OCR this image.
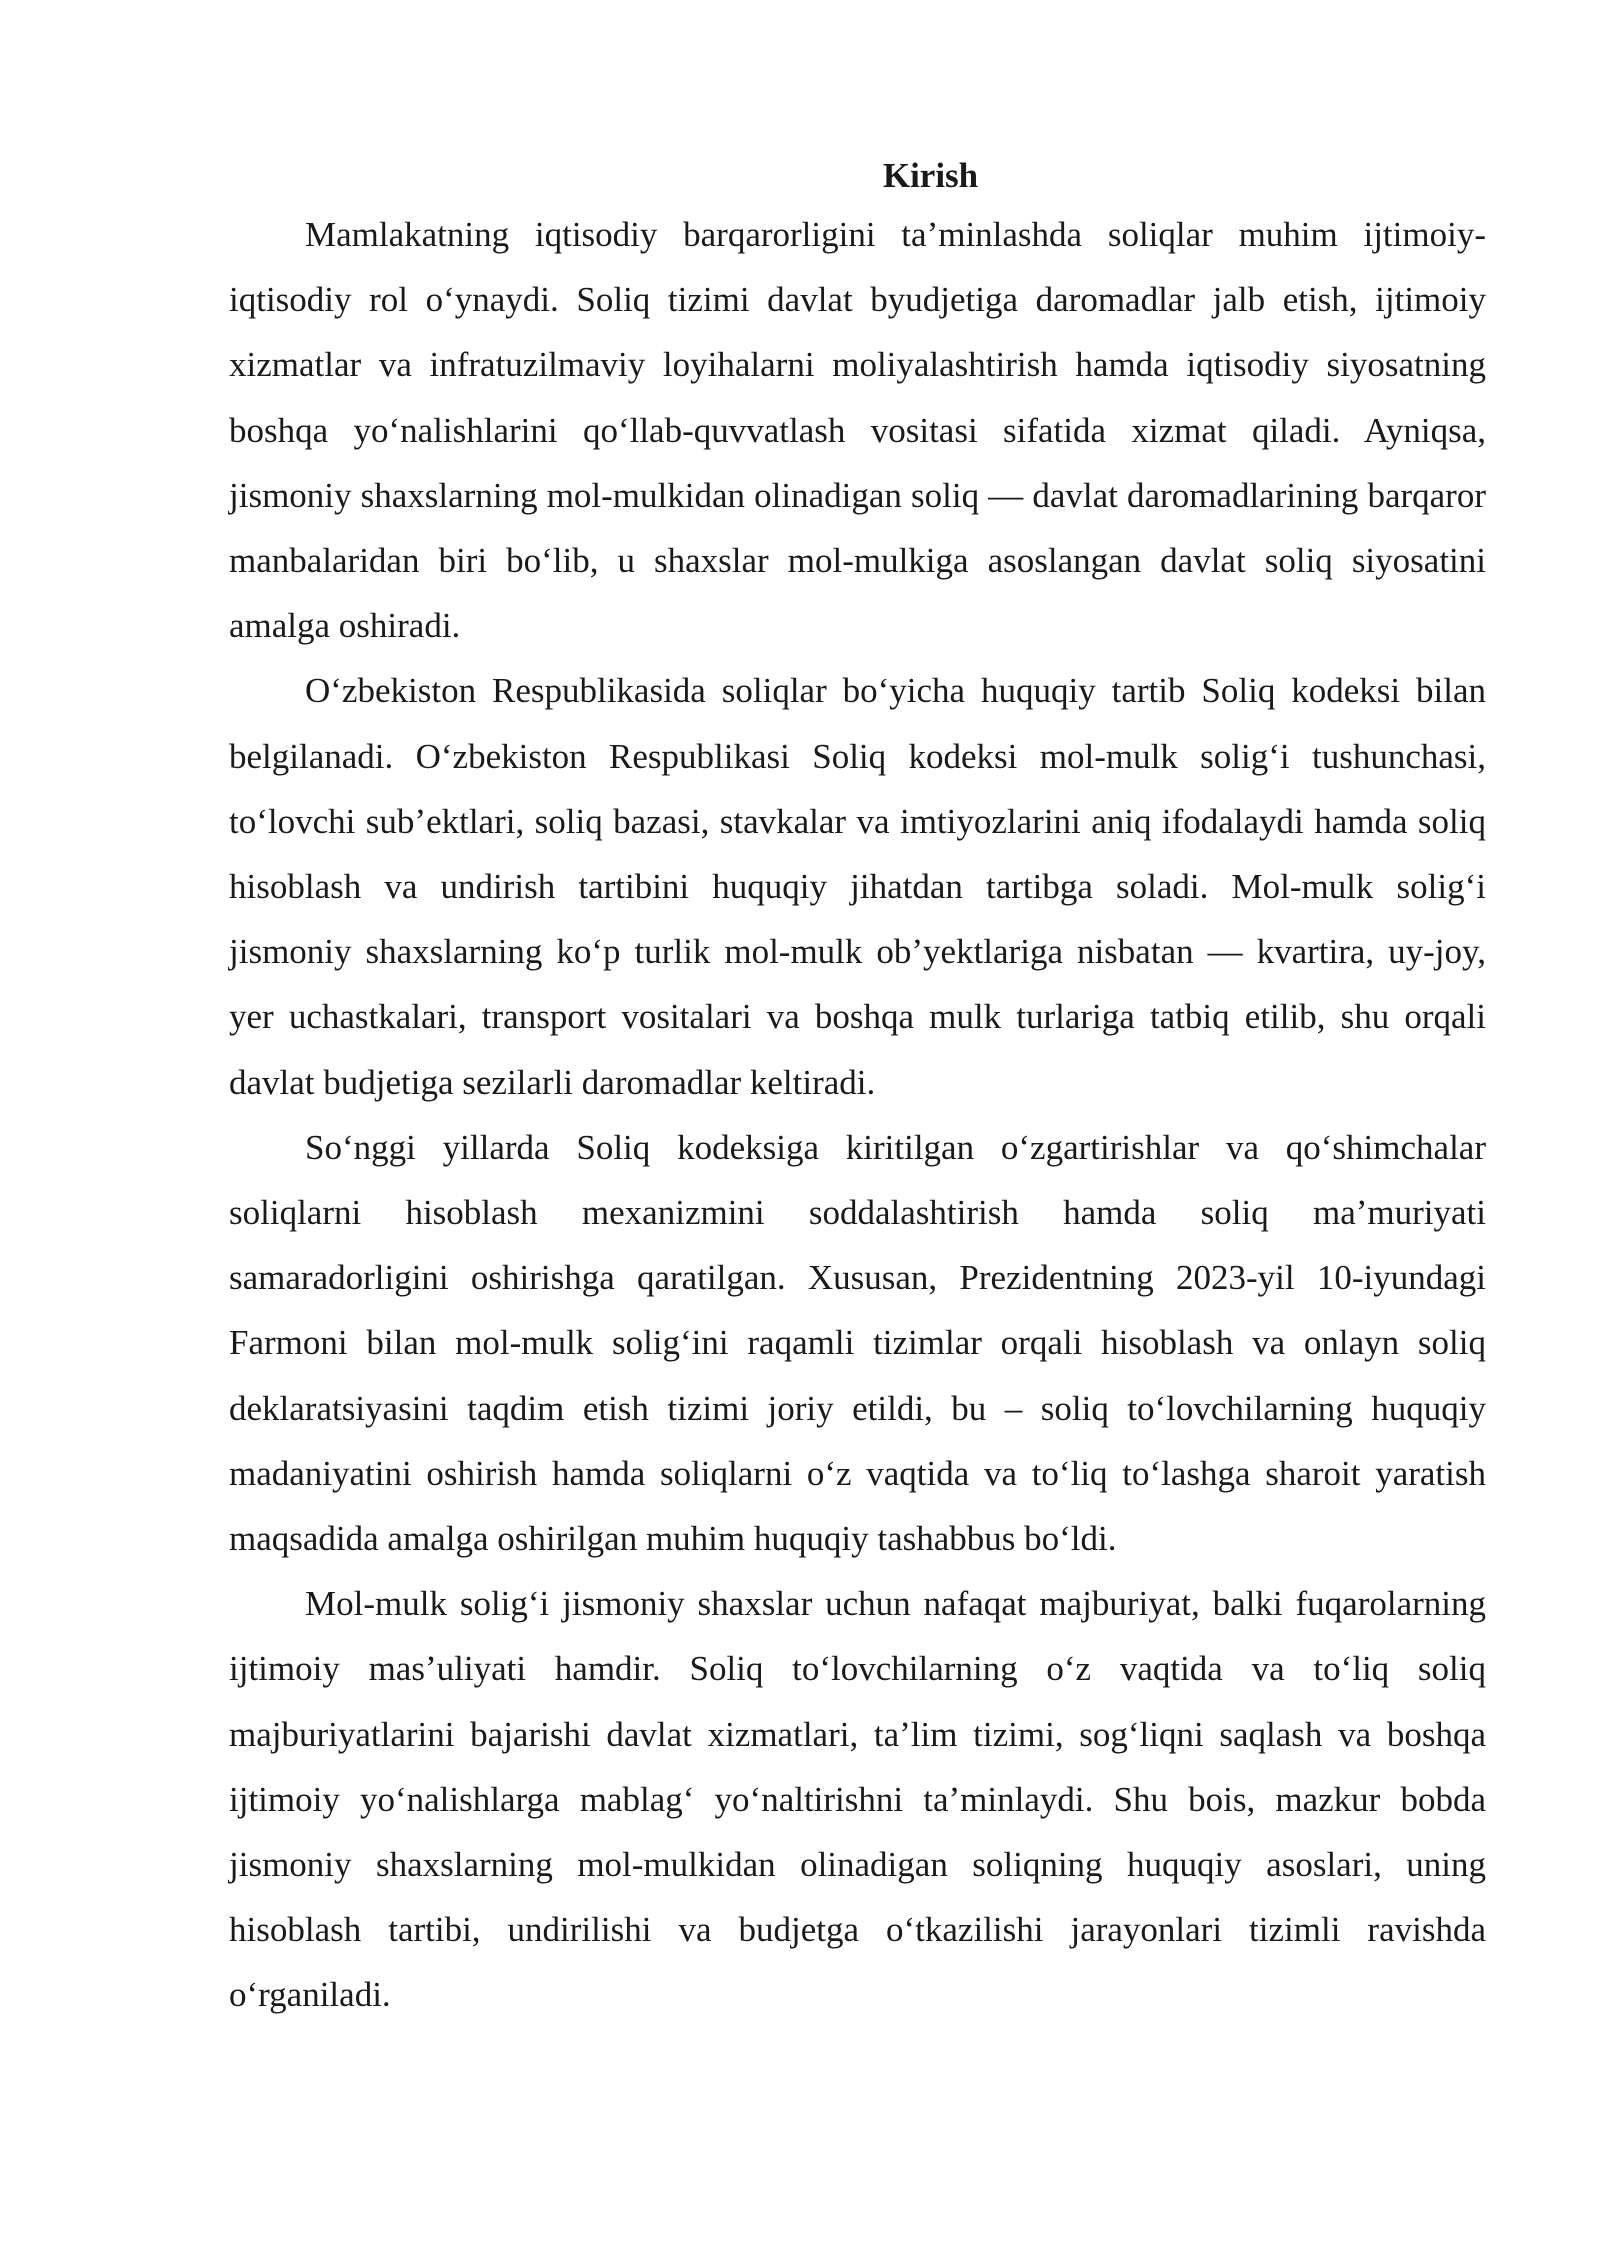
Kirish

Mamlakatning iqtisodiy barqarorligini taʼminlashda soliqlar muhim ijtimoiy-iqtisodiy rol oʻynaydi. Soliq tizimi davlat byudjetiga daromadlar jalb etish, ijtimoiy xizmatlar va infratuzilmaviy loyihalarni moliyalashtirish hamda iqtisodiy siyosatning boshqa yoʻnalishlarini qoʻllab-quvvatlash vositasi sifatida xizmat qiladi. Ayniqsa, jismoniy shaxslarning mol-mulkidan olinadigan soliq — davlat daromadlarining barqaror manbalaridan biri boʻlib, u shaxslar mol-mulkiga asoslangan davlat soliq siyosatini amalga oshiradi.

Oʻzbekiston Respublikasida soliqlar boʻyicha huquqiy tartib Soliq kodeksi bilan belgilanadi. Oʻzbekiston Respublikasi Soliq kodeksi mol-mulk soligʻi tushunchasi, toʻlovchi subʼektlari, soliq bazasi, stavkalar va imtiyozlarini aniq ifodalaydi hamda soliq hisoblash va undirish tartibini huquqiy jihatdan tartibga soladi. Mol-mulk soligʻi jismoniy shaxslarning koʻp turlik mol-mulk obʼyektlariga nisbatan — kvartira, uy-joy, yer uchastkalari, transport vositalari va boshqa mulk turlariga tatbiq etilib, shu orqali davlat budjetiga sezilarli daromadlar keltiradi.

Soʻnggi yillarda Soliq kodeksiga kiritilgan oʻzgartirishlar va qoʻshimchalar soliqlarni hisoblash mexanizmini soddalashtirish hamda soliq maʼmuriyati samaradorligini oshirishga qaratilgan. Xususan, Prezidentning 2023-yil 10-iyundagi Farmoni bilan mol-mulk soligʻini raqamli tizimlar orqali hisoblash va onlayn soliq deklaratsiyasini taqdim etish tizimi joriy etildi, bu – soliq toʻlovchilarning huquqiy madaniyatini oshirish hamda soliqlarni oʻz vaqtida va toʻliq toʻlashga sharoit yaratish maqsadida amalga oshirilgan muhim huquqiy tashabbus boʻldi.

Mol-mulk soligʻi jismoniy shaxslar uchun nafaqat majburiyat, balki fuqarolarning ijtimoiy masʼuliyati hamdir. Soliq toʻlovchilarning oʻz vaqtida va toʻliq soliq majburiyatlarini bajarishi davlat xizmatlari, taʼlim tizimi, sogʻliqni saqlash va boshqa ijtimoiy yoʻnalishlarga mablagʻ yoʻnaltirishni taʼminlaydi. Shu bois, mazkur bobda jismoniy shaxslarning mol-mulkidan olinadigan soliqning huquqiy asoslari, uning hisoblash tartibi, undirilishi va budjetga oʻtkazilishi jarayonlari tizimli ravishda oʻrganiladi.
